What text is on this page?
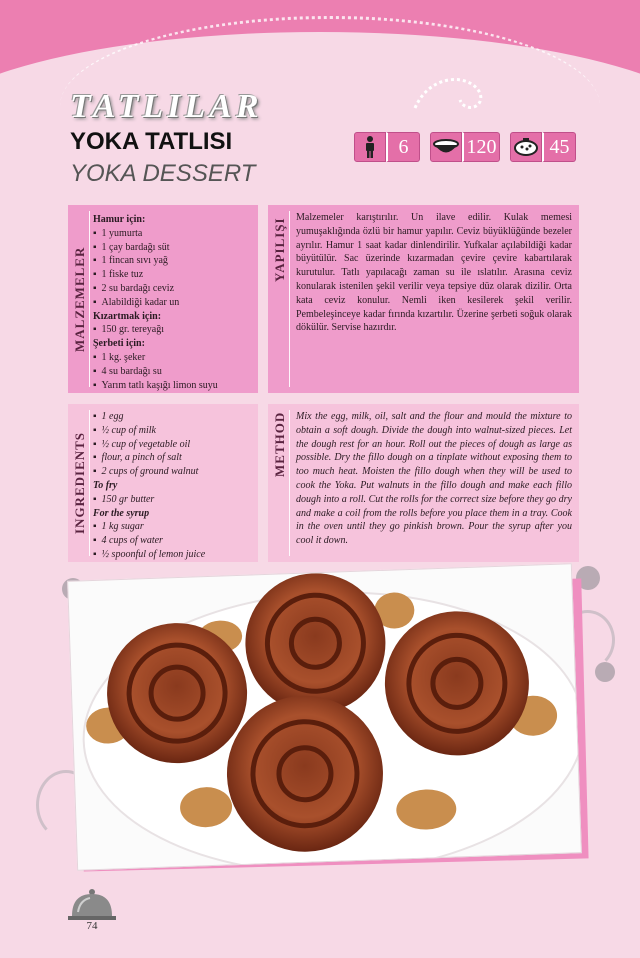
TATLILAR
YOKA TATLISI
YOKA DESSERT
6	120	45
MALZEMELER
Hamur için:
▪ 1 yumurta
▪ 1 çay bardağı süt
▪ 1 fincan sıvı yağ
▪ 1 fiske tuz
▪ 2 su bardağı ceviz
▪ Alabildiği kadar un
Kızartmak için:
▪ 150 gr. tereyağı
Şerbeti için:
▪ 1 kg. şeker
▪ 4 su bardağı su
▪ Yarım tatlı kaşığı limon suyu
YAPILIŞI

Malzemeler karıştırılır. Un ilave edilir. Kulak memesi yumuşaklığında özlü bir hamur yapılır. Ceviz büyüklüğünde bezeler ayrılır. Hamur 1 saat kadar dinlendirilir. Yufkalar açılabildiği kadar büyütülür. Sac üzerinde kızarmadan çevire çevire kabartılarak kurutulur. Tatlı yapılacağı zaman su ile ıslatılır. Arasına ceviz konularak istenilen şekil verilir veya tepsiye düz olarak dizilir. Orta kata ceviz konulur. Nemli iken kesilerek şekil verilir. Pembeleşinceye kadar fırında kızartılır. Üzerine şerbeti soğuk olarak dökülür. Servise hazırdır.

INGREDIENTS
▪ 1 egg
▪ ½ cup of milk
▪ ½ cup of vegetable oil
▪ flour, a pinch of salt
▪ 2 cups of ground walnut
To fry
▪ 150 gr butter
For the syrup
▪ 1 kg sugar
▪ 4 cups of water
▪ ½ spoonful of lemon juice
METHOD Mix the egg, milk, oil, salt and the flour and mould the mixture to obtain a soft dough. Divide the dough into walnut-sized pieces. Let the dough rest for an hour. Roll out the pieces of dough as large as possible. Dry the fillo dough on a tinplate without exposing them to too much heat. Moisten the fillo dough when they will be used to cook the Yoka. Put walnuts in the fillo dough and make each fillo dough into a roll. Cut the rolls for the correct size before they go dry and make a coil from the rolls before you place them in a tray. Cook in the oven until they go pinkish brown. Pour the syrup after you cool it down.

74
